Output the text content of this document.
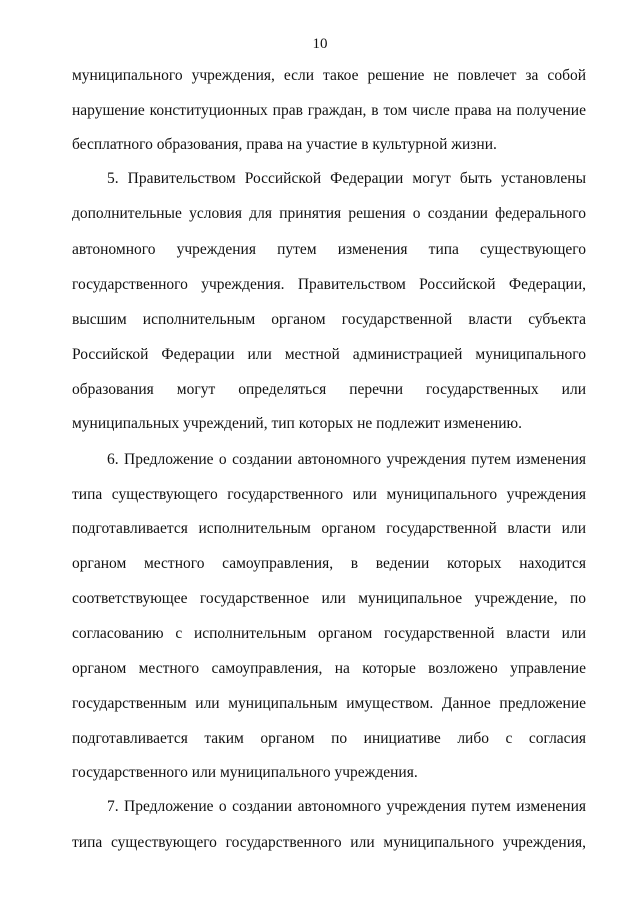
10
муниципального учреждения, если такое решение не повлечет за собой
нарушение конституционных прав граждан, в том числе права на получение
бесплатного образования, права на участие в культурной жизни.
5. Правительством Российской Федерации могут быть установлены
дополнительные условия для принятия решения о создании федерального
автономного учреждения путем изменения типа существующего
государственного учреждения. Правительством Российской Федерации,
высшим исполнительным органом государственной власти субъекта
Российской Федерации или местной администрацией муниципального
образования могут определяться перечни государственных или
муниципальных учреждений, тип которых не подлежит изменению.
6. Предложение о создании автономного учреждения путем изменения
типа существующего государственного или муниципального учреждения
подготавливается исполнительным органом государственной власти или
органом местного самоуправления, в ведении которых находится
соответствующее государственное или муниципальное учреждение, по
согласованию с исполнительным органом государственной власти или
органом местного самоуправления, на которые возложено управление
государственным или муниципальным имуществом. Данное предложение
подготавливается таким органом по инициативе либо с согласия
государственного или муниципального учреждения.
7. Предложение о создании автономного учреждения путем изменения
типа существующего государственного или муниципального учреждения,
